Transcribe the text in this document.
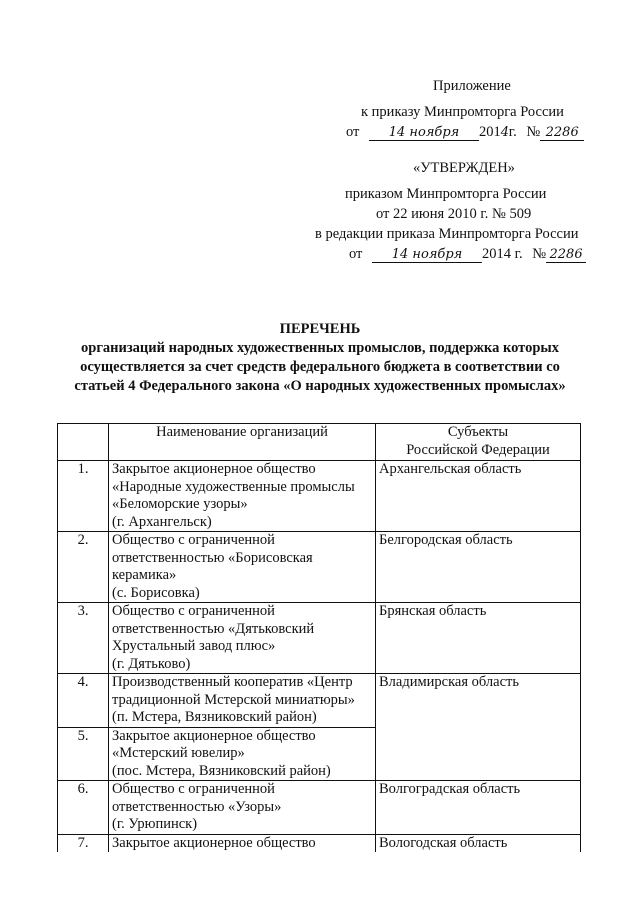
Приложение
к приказу Минпромторга России
от 14 ноября 2014г. № 2286
«УТВЕРЖДЕН»
приказом Минпромторга России
от 22 июня 2010 г. № 509
в редакции приказа Минпромторга России
от 14 ноября 2014 г. № 2286
ПЕРЕЧЕНЬ
организаций народных художественных промыслов, поддержка которых
осуществляется за счет средств федерального бюджета в соответствии со
статьей 4 Федерального закона «О народных художественных промыслах»

	Наименование организаций	Субъекты
Российской Федерации

1.	Закрытое акционерное общество
«Народные художественные промыслы
«Беломорские узоры»
(г. Архангельск)	Архангельская область
2.	Общество с ограниченной
ответственностью «Борисовская
керамика»
(с. Борисовка)	Белгородская область
3.	Общество с ограниченной
ответственностью «Дятьковский
Хрустальный завод плюс»
(г. Дятьково)	Брянская область
4.	Производственный кооператив «Центр
традиционной Мстерской миниатюры»
(п. Мстера, Вязниковский район)	Владимирская область
5.	Закрытое акционерное общество
«Мстерский ювелир»
(пос. Мстера, Вязниковский район)	

6.	Общество с ограниченной
ответственностью «Узоры»
(г. Урюпинск)	Волгоградская область
7.	Закрытое акционерное общество	Вологодская область
